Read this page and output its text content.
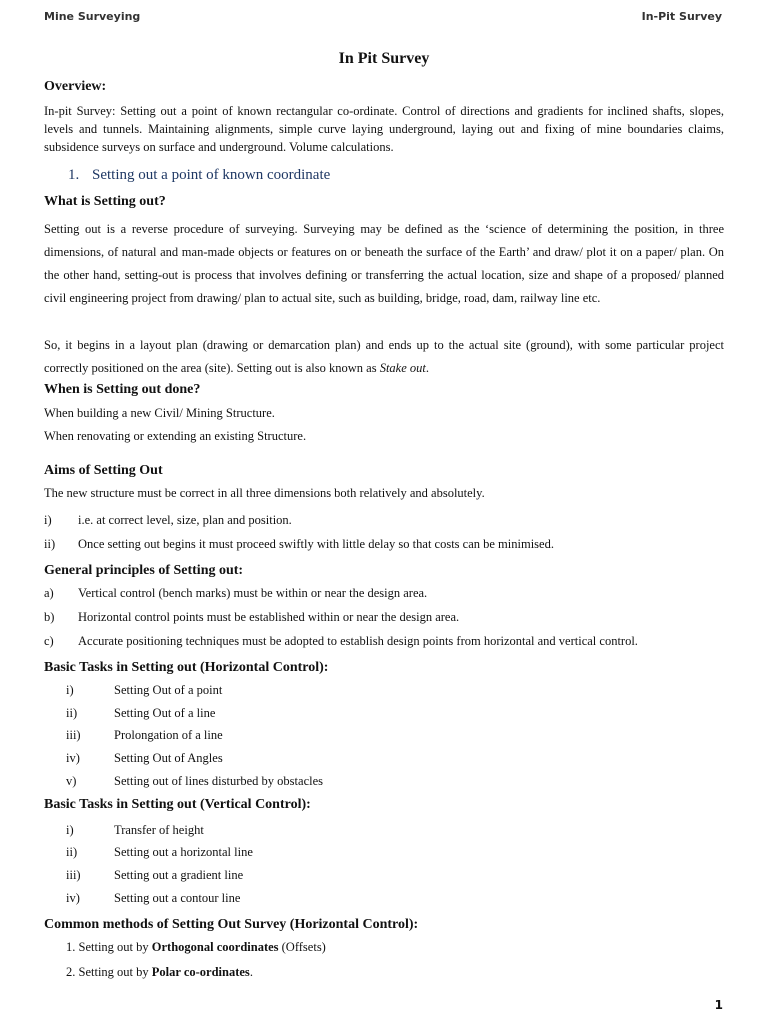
Mine Surveying	In-Pit Survey
In Pit Survey
Overview:
In-pit Survey: Setting out a point of known rectangular co-ordinate. Control of directions and gradients for inclined shafts, slopes, levels and tunnels. Maintaining alignments, simple curve laying underground, laying out and fixing of mine boundaries claims, subsidence surveys on surface and underground. Volume calculations.
1. Setting out a point of known coordinate
What is Setting out?
Setting out is a reverse procedure of surveying. Surveying may be defined as the ‘science of determining the position, in three dimensions, of natural and man-made objects or features on or beneath the surface of the Earth’ and draw/ plot it on a paper/ plan. On the other hand, setting-out is process that involves defining or transferring the actual location, size and shape of a proposed/ planned civil engineering project from drawing/ plan to actual site, such as building, bridge, road, dam, railway line etc.
So, it begins in a layout plan (drawing or demarcation plan) and ends up to the actual site (ground), with some particular project correctly positioned on the area (site). Setting out is also known as Stake out.
When is Setting out done?
When building a new Civil/ Mining Structure.
When renovating or extending an existing Structure.
Aims of Setting Out
The new structure must be correct in all three dimensions both relatively and absolutely.
i) i.e. at correct level, size, plan and position.
ii) Once setting out begins it must proceed swiftly with little delay so that costs can be minimised.
General principles of Setting out:
a) Vertical control (bench marks) must be within or near the design area.
b) Horizontal control points must be established within or near the design area.
c) Accurate positioning techniques must be adopted to establish design points from horizontal and vertical control.
Basic Tasks in Setting out (Horizontal Control):
i)	Setting Out of a point
ii)	Setting Out of a line
iii)	Prolongation of a line
iv)	Setting Out of Angles
v)	Setting out of lines disturbed by obstacles
Basic Tasks in Setting out (Vertical Control):
i)	Transfer of height
ii)	Setting out a horizontal line
iii)	Setting out a gradient line
iv)	Setting out a contour line
Common methods of Setting Out Survey (Horizontal Control):
1. Setting out by Orthogonal coordinates (Offsets)
2. Setting out by Polar co-ordinates.
1
